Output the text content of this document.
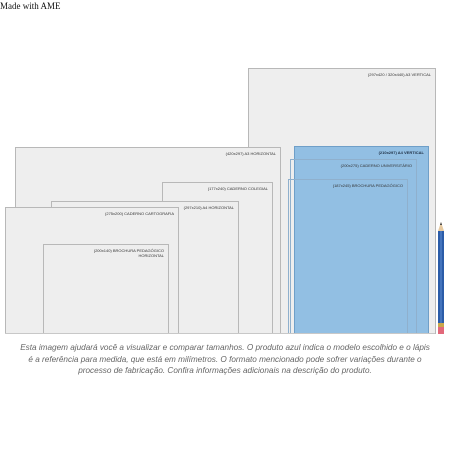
Made with AME
(297x420 / 320x440) A3 VERTICAL
(420x297) A3 HORIZONTAL
(177x240) CADERNO COLEGIAL
(297x210) A4 HORIZONTAL
(275x200) CADERNO CARTOGRAFIA
(200x140) BROCHURA PEDAGÓGICO
HORIZONTAL
(210x297) A4 VERTICAL
(200x275) CADERNO UNIVERSITÁRIO
(187x245) BROCHURA PEDAGÓGICO
Esta imagem ajudará você a visualizar e comparar tamanhos. O produto azul indica o modelo escolhido e o lápis é a referência para medida, que está em milímetros. O formato mencionado pode sofrer variações durante o processo de fabricação. Confira informações adicionais na descrição do produto.
